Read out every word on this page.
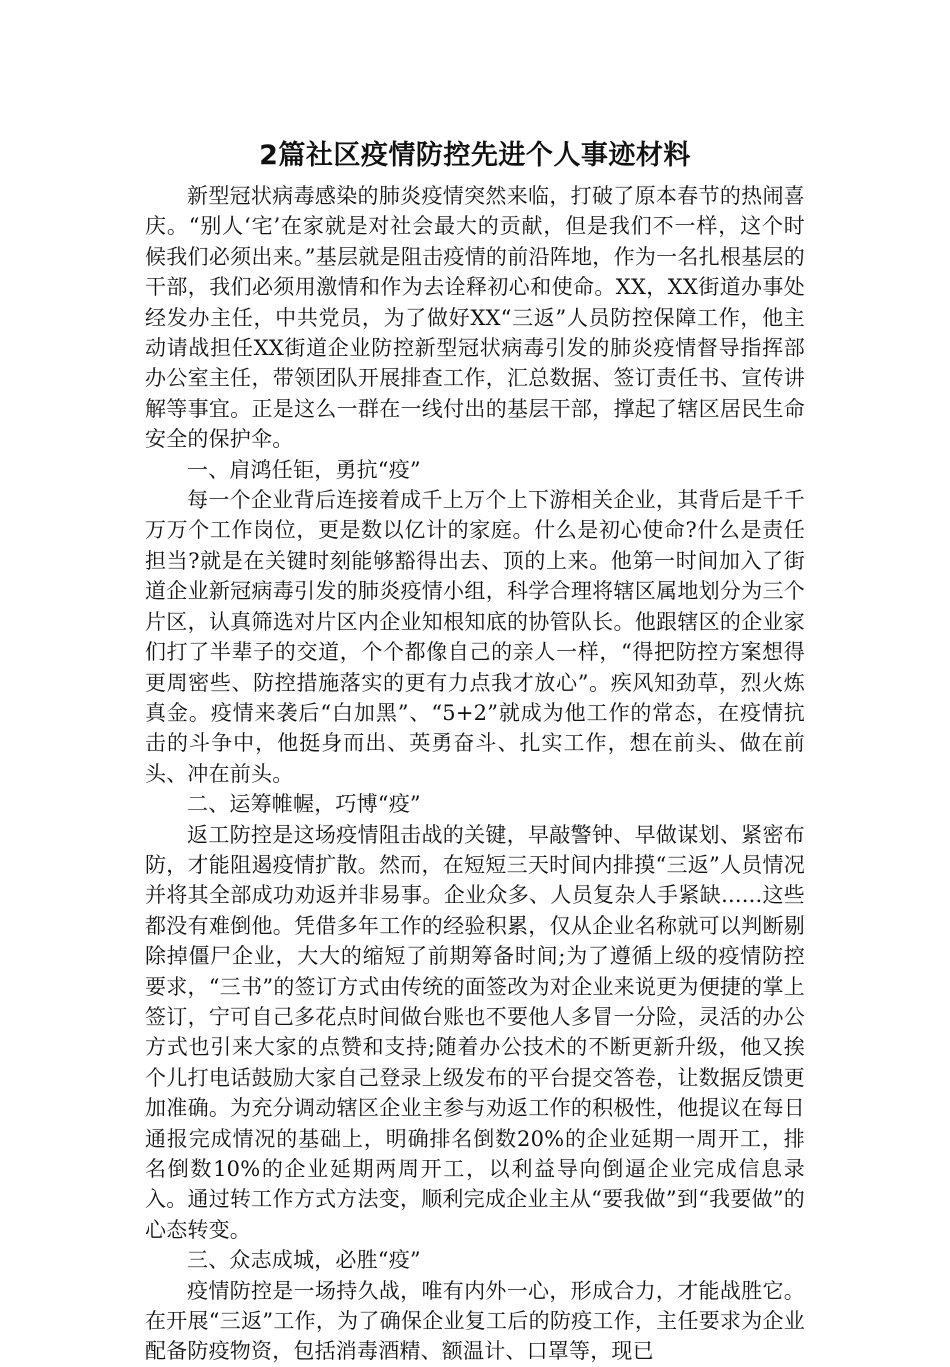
2篇社区疫情防控先进个人事迹材料

新型冠状病毒感染的肺炎疫情突然来临，打破了原本春节的热闹喜庆。“别人‘宅’在家就是对社会最大的贡献，但是我们不一样，这个时候我们必须出来。”基层就是阻击疫情的前沿阵地，作为一名扎根基层的干部，我们必须用激情和作为去诠释初心和使命。XX，XX街道办事处经发办主任，中共党员，为了做好XX“三返”人员防控保障工作，他主动请战担任XX街道企业防控新型冠状病毒引发的肺炎疫情督导指挥部办公室主任，带领团队开展排查工作，汇总数据、签订责任书、宣传讲解等事宜。正是这么一群在一线付出的基层干部，撑起了辖区居民生命安全的保护伞。

一、肩鸿任钜，勇抗“疫”

每一个企业背后连接着成千上万个上下游相关企业，其背后是千千万万个工作岗位，更是数以亿计的家庭。什么是初心使命?什么是责任担当?就是在关键时刻能够豁得出去、顶的上来。他第一时间加入了街道企业新冠病毒引发的肺炎疫情小组，科学合理将辖区属地划分为三个片区，认真筛选对片区内企业知根知底的协管队长。他跟辖区的企业家们打了半辈子的交道，个个都像自己的亲人一样，“得把防控方案想得更周密些、防控措施落实的更有力点我才放心”。疾风知劲草，烈火炼真金。疫情来袭后“白加黑”、“5+2”就成为他工作的常态，在疫情抗击的斗争中，他挺身而出、英勇奋斗、扎实工作，想在前头、做在前头、冲在前头。

二、运筹帷幄，巧博“疫”

返工防控是这场疫情阻击战的关键，早敲警钟、早做谋划、紧密布防，才能阻遏疫情扩散。然而，在短短三天时间内排摸“三返”人员情况并将其全部成功劝返并非易事。企业众多、人员复杂人手紧缺......这些都没有难倒他。凭借多年工作的经验积累，仅从企业名称就可以判断剔除掉僵尸企业，大大的缩短了前期筹备时间;为了遵循上级的疫情防控要求，“三书”的签订方式由传统的面签改为对企业来说更为便捷的掌上签订，宁可自己多花点时间做台账也不要他人多冒一分险，灵活的办公方式也引来大家的点赞和支持;随着办公技术的不断更新升级，他又挨个儿打电话鼓励大家自己登录上级发布的平台提交答卷，让数据反馈更加准确。为充分调动辖区企业主参与劝返工作的积极性，他提议在每日通报完成情况的基础上，明确排名倒数20%的企业延期一周开工，排名倒数10%的企业延期两周开工，以利益导向倒逼企业完成信息录入。通过转工作方式方法变，顺利完成企业主从“要我做”到“我要做”的心态转变。

三、众志成城，必胜“疫”

疫情防控是一场持久战，唯有内外一心，形成合力，才能战胜它。在开展“三返”工作，为了确保企业复工后的防疫工作，主任要求为企业配备防疫物资，包括消毒酒精、额温计、口罩等，现已
